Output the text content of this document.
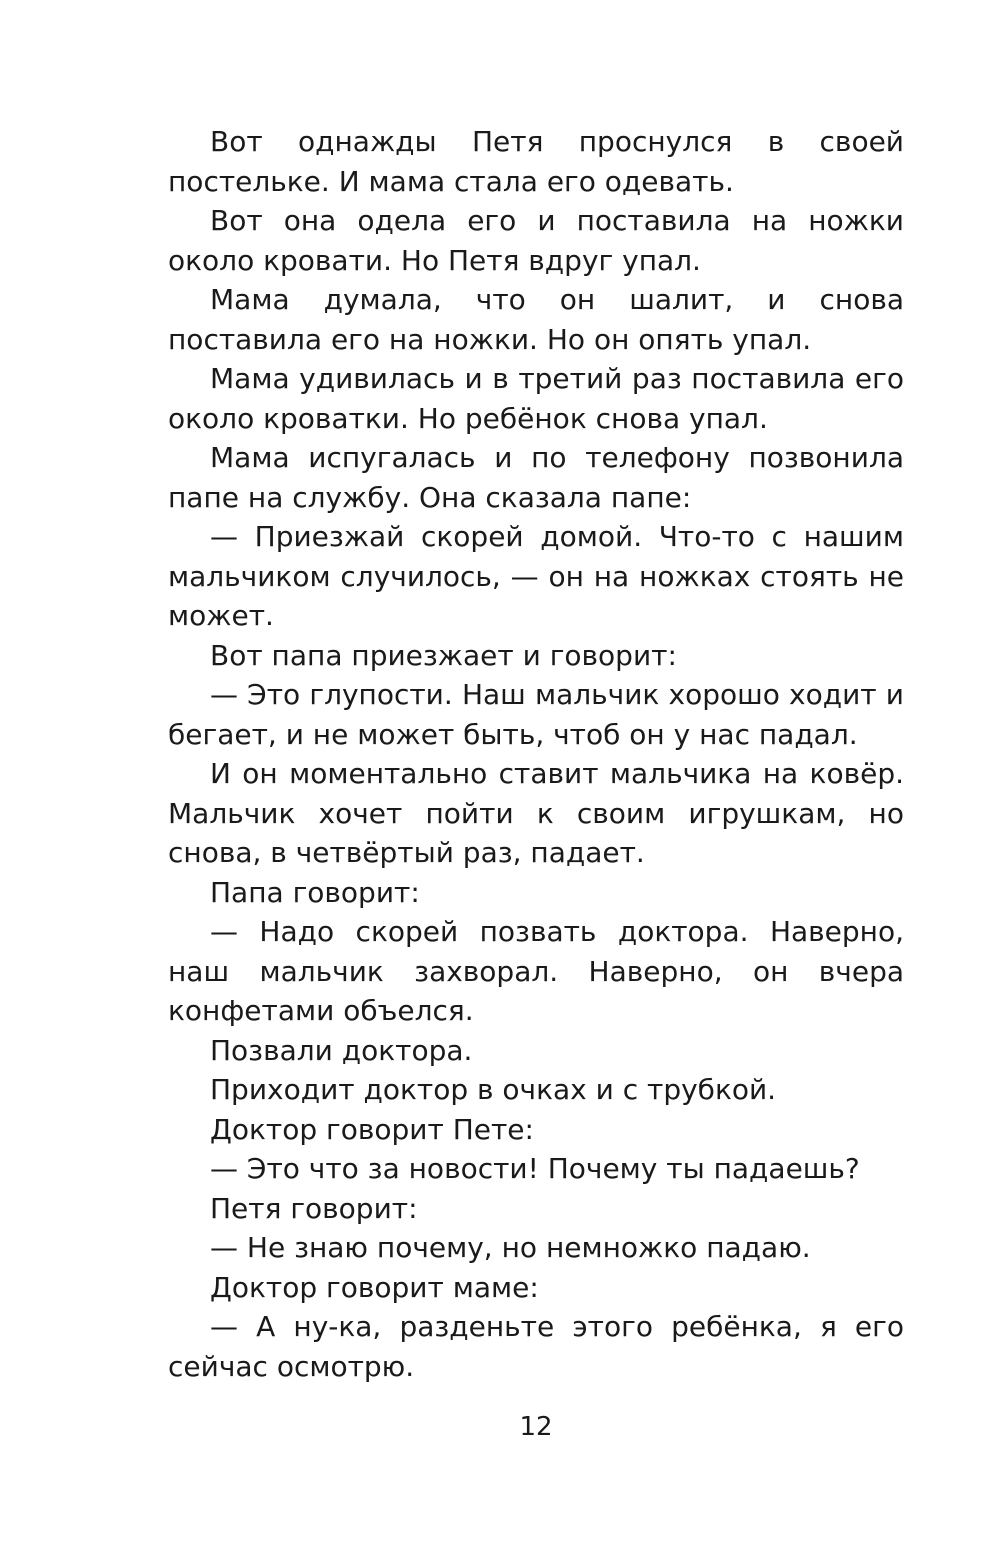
Вот однажды Петя проснулся в своей постельке. И мама стала его одевать.

Вот она одела его и поставила на ножки около кровати. Но Петя вдруг упал.

Мама думала, что он шалит, и снова поставила его на ножки. Но он опять упал.

Мама удивилась и в третий раз поставила его около кроватки. Но ребёнок снова упал.

Мама испугалась и по телефону позвонила папе на службу. Она сказала папе:

— Приезжай скорей домой. Что-то с нашим мальчиком случилось, — он на ножках стоять не может.

Вот папа приезжает и говорит:

— Это глупости. Наш мальчик хорошо ходит и бегает, и не может быть, чтоб он у нас падал.

И он моментально ставит мальчика на ковёр. Мальчик хочет пойти к своим игрушкам, но снова, в четвёртый раз, падает.

Папа говорит:

— Надо скорей позвать доктора. Наверно, наш мальчик захворал. Наверно, он вчера конфетами объелся.

Позвали доктора.

Приходит доктор в очках и с трубкой.

Доктор говорит Пете:

— Это что за новости! Почему ты падаешь?

Петя говорит:

— Не знаю почему, но немножко падаю.

Доктор говорит маме:

— А ну-ка, разденьте этого ребёнка, я его сейчас осмотрю.

12
